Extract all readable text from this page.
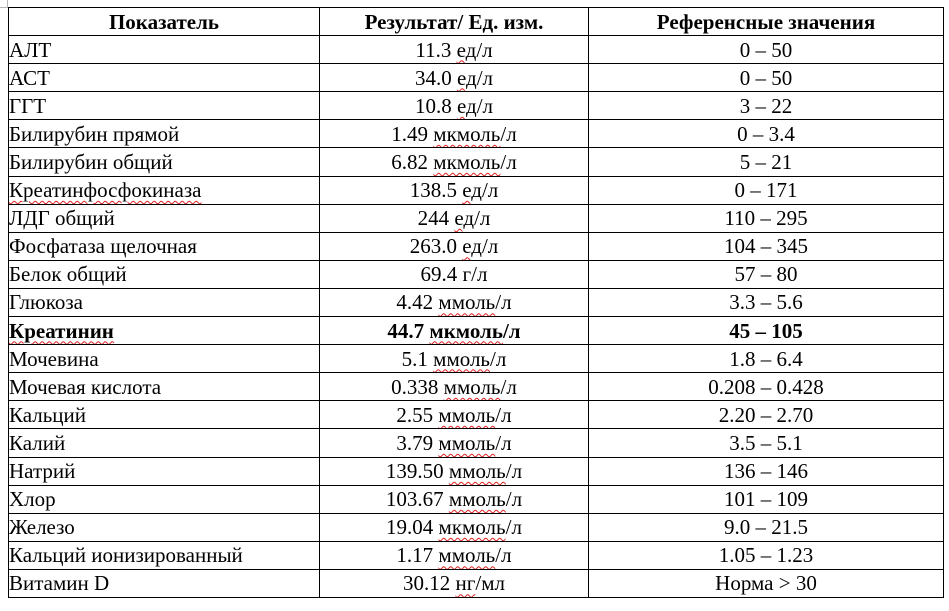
Показатель	Результат/ Ед. изм.	Референсные значения
АЛТ	11.3 ед/л	0 – 50
АСТ	34.0 ед/л	0 – 50
ГГТ	10.8 ед/л	3 – 22
Билирубин прямой	1.49 мкмоль/л	0 – 3.4
Билирубин общий	6.82 мкмоль/л	5 – 21
Креатинфосфокиназа	138.5 ед/л	0 – 171
ЛДГ общий	244 ед/л	110 – 295
Фосфатаза щелочная	263.0 ед/л	104 – 345
Белок общий	69.4 г/л	57 – 80
Глюкоза	4.42 ммоль/л	3.3 – 5.6
Креатинин	44.7 мкмоль/л	45 – 105
Мочевина	5.1 ммоль/л	1.8 – 6.4
Мочевая кислота	0.338 ммоль/л	0.208 – 0.428
Кальций	2.55 ммоль/л	2.20 – 2.70
Калий	3.79 ммоль/л	3.5 – 5.1
Натрий	139.50 ммоль/л	136 – 146
Хлор	103.67 ммоль/л	101 – 109
Железо	19.04 мкмоль/л	9.0 – 21.5
Кальций ионизированный	1.17 ммоль/л	1.05 – 1.23
Витамин D	30.12 нг/мл	Норма > 30
